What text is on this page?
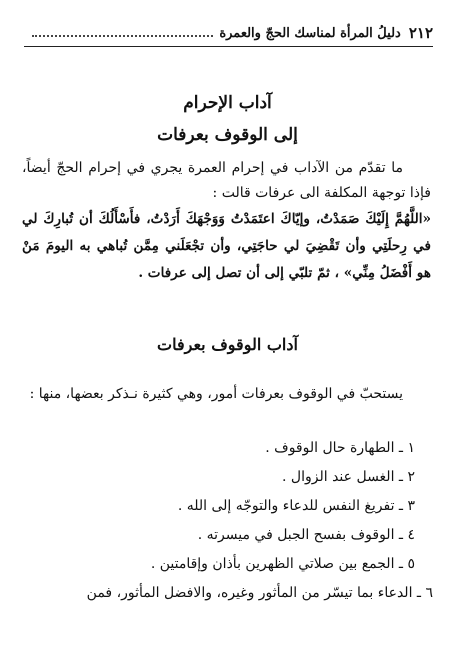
٢١٢
دليلُ المرأة لمناسك الحجّ والعمرة
آداب الإحرام
إلى الوقوف بعرفات
ما تقدّم من الآداب في إحرام العمرة يجري في إحرام الحجّ أيضاً، فإذا توجهة المكلفة الى عرفات قالت :
«اللَّهُمَّ إِلَيْكَ صَمَدْتُ، وإيّاكَ اعتَمَدْتُ وَوَجْهَكَ أَرَدْتُ، فأَسْأَلُكَ أن تُبارِكَ لي في رِحلَتِي وأن تَقْضِيَ لي حاجَتِي، وأن تجْعَلَني مِمَّن تُباهي به اليومَ مَنْ هو أَفْضَلُ مِنِّي» ، ثمّ تلبّي إلى أن تصل إلى عرفات .
آداب الوقوف بعرفات
يستحبّ في الوقوف بعرفات أمور، وهي كثيرة نـذكر بعضها، منها :
١ ـ الطهارة حال الوقوف .
٢ ـ الغسل عند الزوال .
٣ ـ تفريغ النفس للدعاء والتوجّه إلى الله .
٤ ـ الوقوف بفسح الجبل في ميسرته .
٥ ـ الجمع بين صلاتي الظهرين بأذان وإقامتين .
٦ ـ الدعاء بما تيسّر من المأثور وغيره، والافضل المأثور، فمن
